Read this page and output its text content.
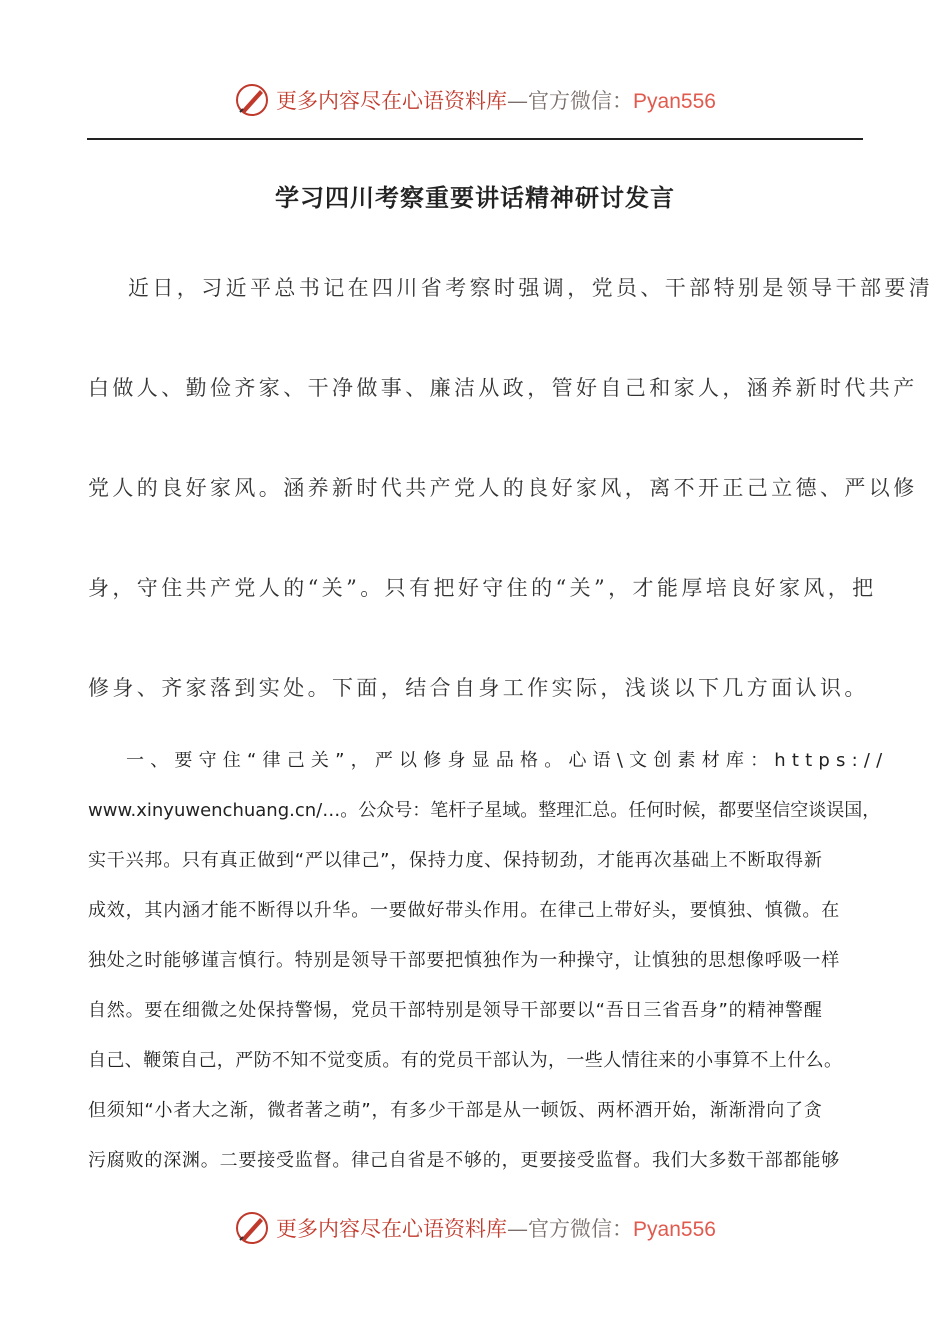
更多内容尽在心语资料库—官方微信：Pyan556
学习四川考察重要讲话精神研讨发言
近日，习近平总书记在四川省考察时强调，党员、干部特别是领导干部要清
白做人、勤俭齐家、干净做事、廉洁从政，管好自己和家人，涵养新时代共产
党人的良好家风。涵养新时代共产党人的良好家风，离不开正己立德、严以修
身，守住共产党人的“关”。只有把好守住的“关”，才能厚培良好家风，把
修身、齐家落到实处。下面，结合自身工作实际，浅谈以下几方面认识。
一、要守住“律己关”，严以修身显品格。心语\文创素材库：https://
www.xinyuwenchuang.cn/…。公众号：笔杆子星域。整理汇总。任何时候，都要坚信空谈误国，
实干兴邦。只有真正做到“严以律己”，保持力度、保持韧劲，才能再次基础上不断取得新
成效，其内涵才能不断得以升华。一要做好带头作用。在律己上带好头，要慎独、慎微。在
独处之时能够谨言慎行。特别是领导干部要把慎独作为一种操守，让慎独的思想像呼吸一样
自然。要在细微之处保持警惕，党员干部特别是领导干部要以“吾日三省吾身”的精神警醒
自己、鞭策自己，严防不知不觉变质。有的党员干部认为，一些人情往来的小事算不上什么。
但须知“小者大之渐，微者著之萌”，有多少干部是从一顿饭、两杯酒开始，渐渐滑向了贪
污腐败的深渊。二要接受监督。律己自省是不够的，更要接受监督。我们大多数干部都能够
更多内容尽在心语资料库—官方微信：Pyan556
